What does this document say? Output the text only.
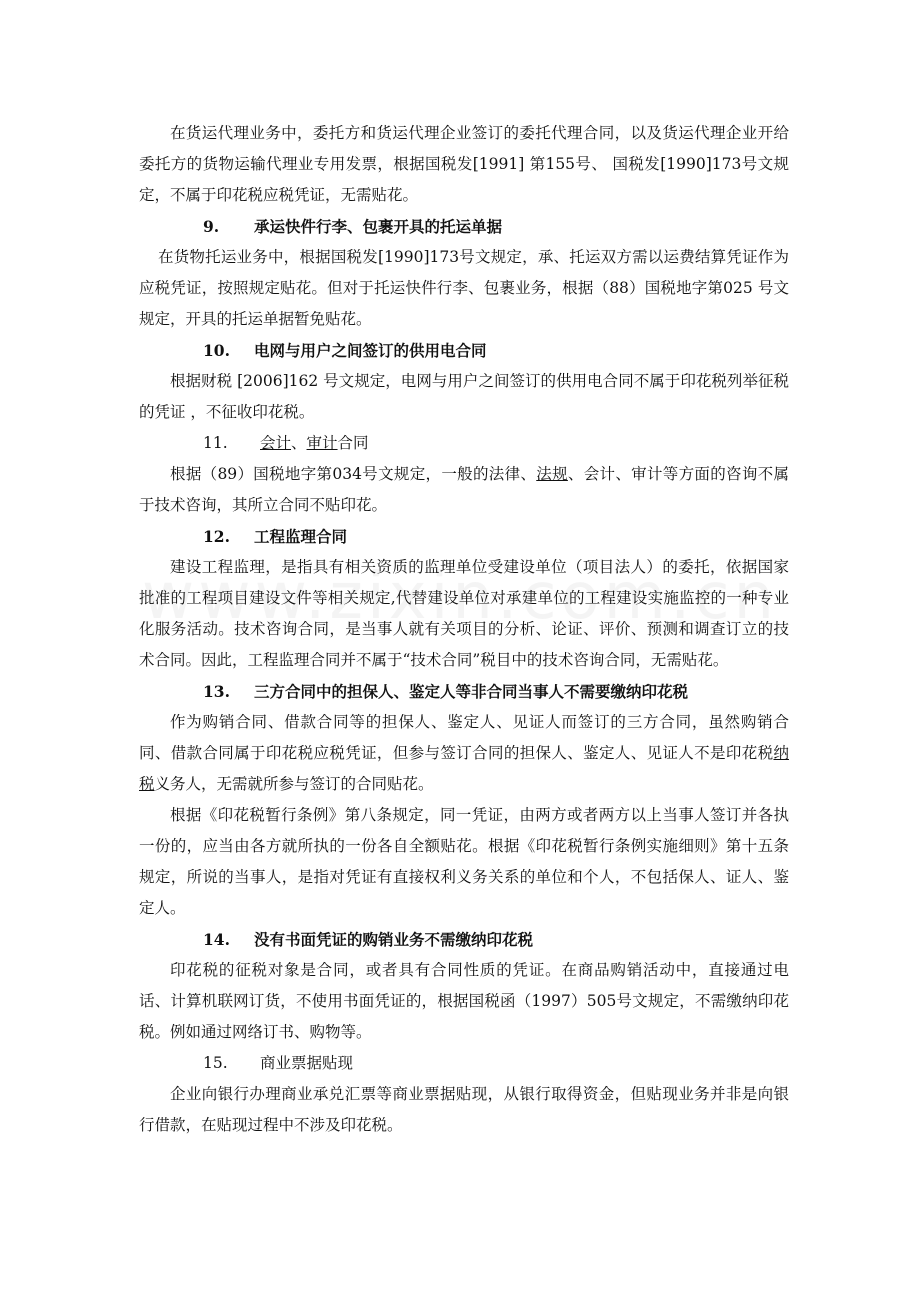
在货运代理业务中，委托方和货运代理企业签订的委托代理合同，以及货运代理企业开给委托方的货物运输代理业专用发票，根据国税发[1991] 第155号、 国税发[1990]173号文规定，不属于印花税应税凭证，无需贴花。

9. 承运快件行李、包裹开具的托运单据

在货物托运业务中，根据国税发[1990]173号文规定，承、托运双方需以运费结算凭证作为应税凭证，按照规定贴花。但对于托运快件行李、包裹业务，根据（88）国税地字第025 号文规定，开具的托运单据暂免贴花。

10. 电网与用户之间签订的供用电合同

根据财税 [2006]162 号文规定，电网与用户之间签订的供用电合同不属于印花税列举征税的凭证 ，不征收印花税。

11. 会计、审计合同

根据（89）国税地字第034号文规定，一般的法律、法规、会计、审计等方面的咨询不属于技术咨询，其所立合同不贴印花。

12. 工程监理合同

建设工程监理，是指具有相关资质的监理单位受建设单位（项目法人）的委托，依据国家批准的工程项目建设文件等相关规定,代替建设单位对承建单位的工程建设实施监控的一种专业化服务活动。技术咨询合同，是当事人就有关项目的分析、论证、评价、预测和调查订立的技术合同。因此，工程监理合同并不属于“技术合同”税目中的技术咨询合同，无需贴花。

13. 三方合同中的担保人、鉴定人等非合同当事人不需要缴纳印花税

作为购销合同、借款合同等的担保人、鉴定人、见证人而签订的三方合同，虽然购销合同、借款合同属于印花税应税凭证，但参与签订合同的担保人、鉴定人、见证人不是印花税纳税义务人，无需就所参与签订的合同贴花。

根据《印花税暂行条例》第八条规定，同一凭证，由两方或者两方以上当事人签订并各执一份的，应当由各方就所执的一份各自全额贴花。根据《印花税暂行条例实施细则》第十五条规定，所说的当事人，是指对凭证有直接权利义务关系的单位和个人，不包括保人、证人、鉴定人。

14. 没有书面凭证的购销业务不需缴纳印花税

印花税的征税对象是合同，或者具有合同性质的凭证。在商品购销活动中，直接通过电话、计算机联网订货，不使用书面凭证的，根据国税函（1997）505号文规定，不需缴纳印花税。例如通过网络订书、购物等。

15. 商业票据贴现

企业向银行办理商业承兑汇票等商业票据贴现，从银行取得资金，但贴现业务并非是向银行借款，在贴现过程中不涉及印花税。
